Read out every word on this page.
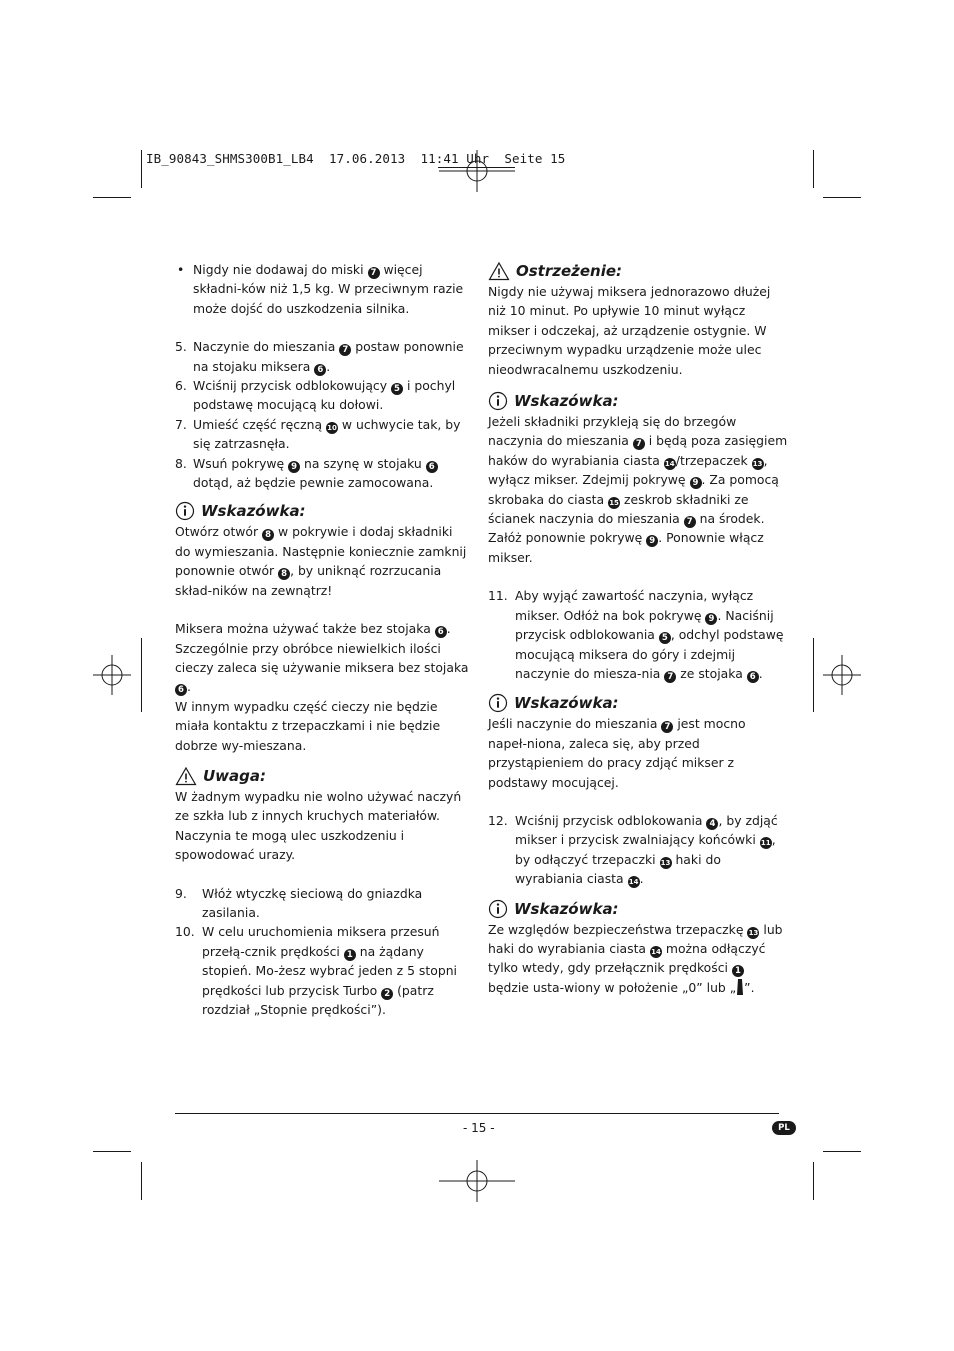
IB_90843_SHMS300B1_LB4  17.06.2013  11:41 Uhr  Seite 15
• Nigdy nie dodawaj do miski 7 więcej składni-ków niż 1,5 kg. W przeciwnym razie może dojść do uszkodzenia silnika.
5. Naczynie do mieszania 7 postaw ponownie na stojaku miksera 6 .
6. Wciśnij przycisk odblokowujący 5 i pochyl podstawę mocującą ku dołowi.
7. Umieść część ręczną 10 w uchwycie tak, by się zatrzasnęła.
8. Wsuń pokrywę 9 na szynę w stojaku 6 dotąd, aż będzie pewnie zamocowana.
Wskazówka:

Otwórz otwór 8 w pokrywie i dodaj składniki do wymieszania. Następnie koniecznie zamknij ponownie otwór 8 , by uniknąć rozrzucania skład-ników na zewnątrz!

Miksera można używać także bez stojaka 6 . Szczególnie przy obróbce niewielkich ilości cieczy zaleca się używanie miksera bez stojaka 6 .

W innym wypadku część cieczy nie będzie miała kontaktu z trzepaczkami i nie będzie dobrze wy-mieszana.

Uwaga:

W żadnym wypadku nie wolno używać naczyń ze szkła lub z innych kruchych materiałów. Naczynia te mogą ulec uszkodzeniu i spowodować urazy.

9. Włóż wtyczkę sieciową do gniazdka zasilania.
10. W celu uruchomienia miksera przesuń przełą-cznik prędkości 1 na żądany stopień. Mo-żesz wybrać jeden z 5 stopni prędkości lub przycisk Turbo 2 (patrz rozdział „Stopnie prędkości”).
Ostrzeżenie:

Nigdy nie używaj miksera jednorazowo dłużej niż 10 minut. Po upływie 10 minut wyłącz mikser i odczekaj, aż urządzenie ostygnie. W przeciwnym wypadku urządzenie może ulec nieodwracalnemu uszkodzeniu.

Wskazówka:

Jeżeli składniki przykleją się do brzegów naczynia do mieszania 7 i będą poza zasięgiem haków do wyrabiania ciasta 14/trzepaczek 13, wyłącz mikser. Zdejmij pokrywę 9 . Za pomocą skrobaka do ciasta 15 zeskrob składniki ze ścianek naczynia do mieszania 7 na środek.

Załóż ponownie pokrywę 9 . Ponownie włącz mikser.

11. Aby wyjąć zawartość naczynia, wyłącz mikser. Odłóż na bok pokrywę 9 . Naciśnij przycisk odblokowania 5 , odchyl podstawę mocującą miksera do góry i zdejmij naczynie do miesza-nia 7 ze stojaka 6 .
Wskazówka:

Jeśli naczynie do mieszania 7 jest mocno napeł-niona, zaleca się, aby przed przystąpieniem do pracy zdjąć mikser z podstawy mocującej.

12. Wciśnij przycisk odblokowania 4 , by zdjąć mikser i przycisk zwalniający końcówki 11, by odłączyć trzepaczki 13 haki do wyrabiania ciasta 14.
Wskazówka:

Ze względów bezpieczeństwa trzepaczkę 13 lub haki do wyrabiania ciasta 14 można odłączyć tylko wtedy, gdy przełącznik prędkości 1 będzie usta-wiony w położenie „0” lub „ ”.

- 15 -	PL
